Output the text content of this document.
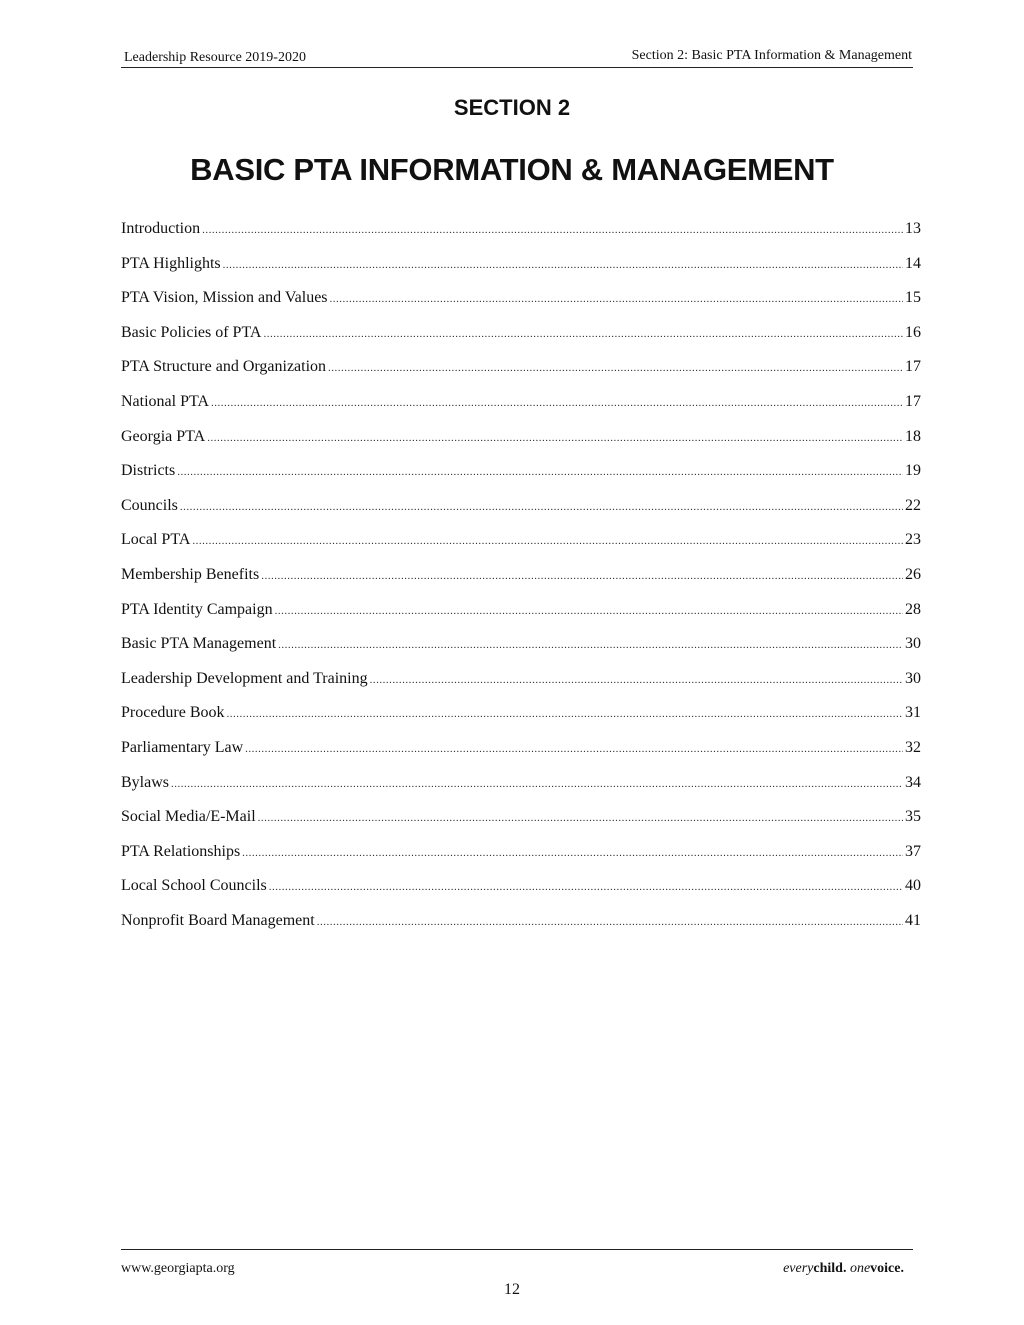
Leadership Resource 2019-2020	Section 2: Basic PTA Information & Management
SECTION 2
BASIC PTA INFORMATION & MANAGEMENT
Introduction .....	13
PTA Highlights .....	14
PTA Vision, Mission and Values .....	15
Basic Policies of PTA .....	16
PTA Structure and Organization .....	17
National PTA .....	17
Georgia PTA .....	18
Districts .....	19
Councils .....	22
Local PTA .....	23
Membership Benefits .....	26
PTA Identity Campaign .....	28
Basic PTA Management .....	30
Leadership Development and Training .....	30
Procedure Book .....	31
Parliamentary Law .....	32
Bylaws .....	34
Social Media/E-Mail .....	35
PTA Relationships .....	37
Local School Councils .....	40
Nonprofit Board Management .....	41
www.georgiapta.org	everychild. onevoice.
12
